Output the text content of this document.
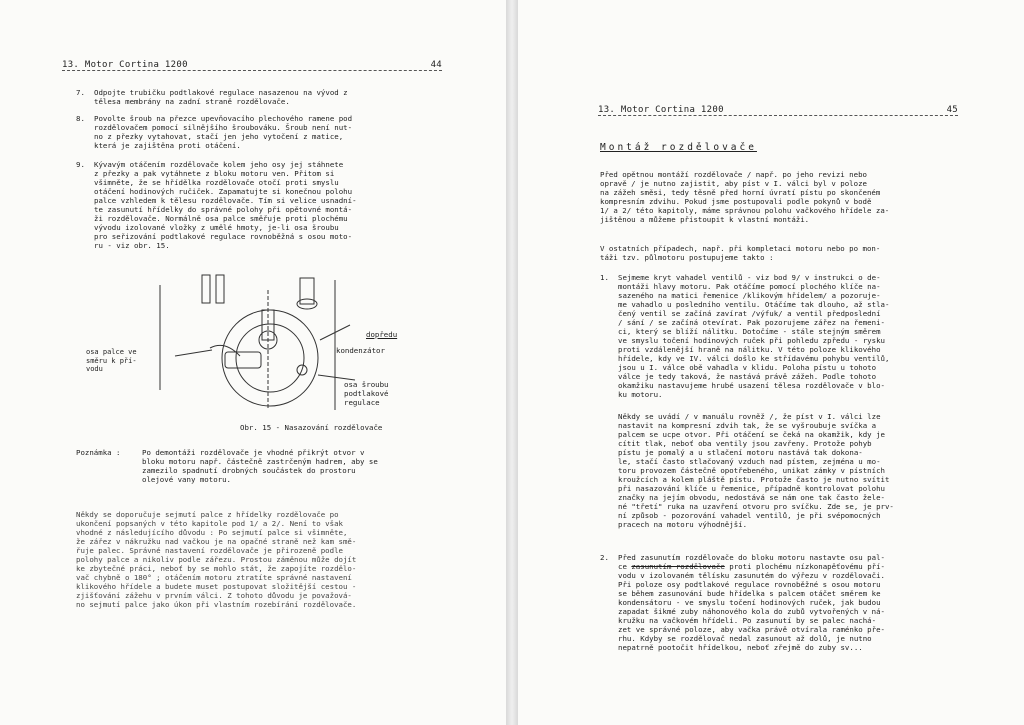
13. Motor Cortina 1200	44
7. Odpojte trubičku podtlakové regulace nasazenou na vývod z
tělesa membrány na zadní straně rozdělovače.
8. Povolte šroub na přezce upevňovacího plechového ramene pod
rozdělovačem pomocí silnějšího šroubováku. Šroub není nut-
no z přezky vytahovat, stačí jen jeho vytočení z matice,
která je zajištěna proti otáčení.
9. Kývavým otáčením rozdělovače kolem jeho osy jej stáhnete
z přezky a pak vytáhnete z bloku motoru ven. Přitom si
všimněte, že se hřídělka rozdělovače otočí proti smyslu
otáčení hodinových ručiček. Zapamatujte si konečnou polohu
palce vzhledem k tělesu rozdělovače. Tím si velice usnadní-
te zasunutí hřídelky do správné polohy při opětovné montá-
ži rozdělovače. Normálně osa palce směřuje proti plochému
vývodu izolované vložky z umělé hmoty, je-li osa šroubu
pro seřizování podtlakové regulace rovnoběžná s osou moto-
ru - viz obr. 15.
osa palce ve
směru k pří-
vodu
dopředu
kondenzátor
osa šroubu
podtlakové
regulace
Obr. 15 - Nasazování rozdělovače
Poznámka :	Po demontáži rozdělovače je vhodné přikrýt otvor v
bloku motoru např. částečně zastrčeným hadrem, aby se
zamezilo spadnutí drobných součástek do prostoru
olejové vany motoru.
Někdy se doporučuje sejmutí palce z hřídelky rozdělovače po
ukončení popsaných v této kapitole pod 1/ a 2/. Není to však
vhodné z následujícího důvodu : Po sejmutí palce si všimněte,
že zářez v nákružku nad vačkou je na opačné straně než kam smě-
řuje palec. Správné nastavení rozdělovače je přirozeně podle
polohy palce a nikoliv podle zářezu. Prostou záměnou může dojít
ke zbytečné práci, neboť by se mohlo stát, že zapojíte rozdělo-
vač chybně o 180° ; otáčením motoru ztratíte správné nastavení
klikového hřídele a budete muset postupovat složitější cestou -
zjišťování zážehu v prvním válci. Z tohoto důvodu je považová-
no sejmutí palce jako úkon při vlastním rozebírání rozdělovače.
13. Motor Cortina 1200	45
Montáž rozdělovače
Před opětnou montáží rozdělovače / např. po jeho revizi nebo
opravě / je nutno zajistit, aby píst v I. válci byl v poloze
na zážeh směsi, tedy těsně před horní úvratí pístu po skončeném
kompresním zdvihu. Pokud jsme postupovali podle pokynů v bodě
1/ a 2/ této kapitoly, máme správnou polohu vačkového hřídele za-
jištěnou a můžeme přistoupit k vlastní montáži.
V ostatních případech, např. při kompletaci motoru nebo po mon-
táži tzv. půlmotoru postupujeme takto :
1. Sejmeme kryt vahadel ventilů - viz bod 9/ v instrukci o de-
montáži hlavy motoru. Pak otáčíme pomocí plochého klíče na-
sazeného na matici řemenice /klikovým hřídelem/ a pozoruje-
me vahadlo u posledního ventilu. Otáčíme tak dlouho, až stla-
čený ventil se začíná zavírat /výfuk/ a ventil předposlední
/ sání / se začíná otevírat. Pak pozorujeme zářez na řemeni-
ci, který se blíží nálitku. Dotočíme - stále stejným směrem
ve smyslu točení hodinových ruček při pohledu zpředu - rysku
proti vzdálenější hraně na nálitku. V této poloze klikového
hřídele, kdy ve IV. válci došlo ke střídavému pohybu ventilů,
jsou u I. válce obě vahadla v klidu. Poloha pístu u tohoto
válce je tedy taková, že nastává právě zážeh. Podle tohoto
okamžiku nastavujeme hrubé usazení tělesa rozdělovače v blo-
ku motoru.
Někdy se uvádí / v manuálu rovněž /, že píst v I. válci lze
nastavit na kompresní zdvih tak, že se vyšroubuje svíčka a
palcem se ucpe otvor. Při otáčení se čeká na okamžik, kdy je
cítit tlak, neboť oba ventily jsou zavřeny. Protože pohyb
pístu je pomalý a u stlačení motoru nastává tak dokona-
le, stačí často stlačovaný vzduch nad pístem, zejména u mo-
toru provozem částečně opotřebeného, unikat zámky v pístních
kroužcích a kolem pláště pístu. Protože často je nutno svítit
při nasazování klíče u řemenice, případně kontrolovat polohu
značky na jejím obvodu, nedostává se nám one tak často žele-
né "třetí" ruka na uzavření otvoru pro svíčku. Zde se, je prv-
ní způsob - pozorování vahadel ventilů, je při svépomocných
pracech na motoru výhodnější.
2. Před zasunutím rozdělovače do bloku motoru nastavte osu pal-
ce zasunutím rozdělovače proti plochému nízkonapěťovému pří-
vodu v izolovaném tělísku zasunutém do výřezu v rozdělovači.
Při poloze osy podtlakové regulace rovnoběžné s osou motoru
se během zasunování bude hřídelka s palcem otáčet směrem ke
kondensátoru - ve smyslu točení hodinových ruček, jak budou
zapadat šikmé zuby náhonového kola do zubů vytvořených v ná-
kružku na vačkovém hřídeli. Po zasunutí by se palec nachá-
zet ve správné poloze, aby vačka právě otvírala raménko pře-
rhu. Kdyby se rozdělovač nedal zasunout až dolů, je nutno
nepatrně pootočit hřídelkou, neboť zřejmě do zuby sv...
